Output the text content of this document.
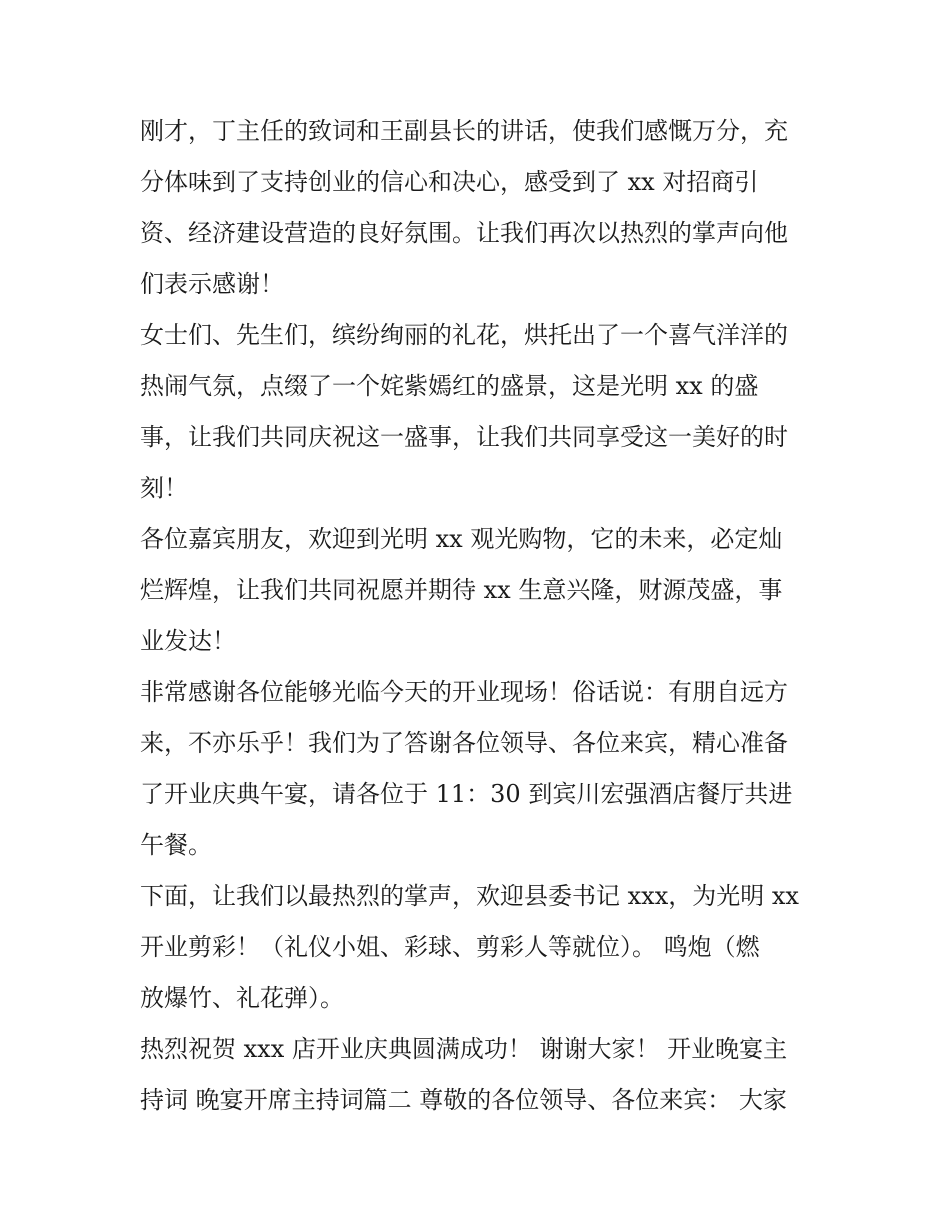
刚才，丁主任的致词和王副县长的讲话，使我们感慨万分，充
分体味到了支持创业的信心和决心，感受到了 xx 对招商引
资、经济建设营造的良好氛围。让我们再次以热烈的掌声向他
们表示感谢！
女士们、先生们，缤纷绚丽的礼花，烘托出了一个喜气洋洋的
热闹气氛，点缀了一个姹紫嫣红的盛景，这是光明 xx 的盛
事，让我们共同庆祝这一盛事，让我们共同享受这一美好的时
刻！
各位嘉宾朋友，欢迎到光明 xx 观光购物，它的未来，必定灿
烂辉煌，让我们共同祝愿并期待 xx 生意兴隆，财源茂盛，事
业发达！
非常感谢各位能够光临今天的开业现场！俗话说：有朋自远方
来，不亦乐乎！我们为了答谢各位领导、各位来宾，精心准备
了开业庆典午宴，请各位于 11：30 到宾川宏强酒店餐厅共进
午餐。
下面，让我们以最热烈的掌声，欢迎县委书记 xxx，为光明 xx
开业剪彩！（礼仪小姐、彩球、剪彩人等就位）。 鸣炮（燃
放爆竹、礼花弹）。
热烈祝贺 xxx 店开业庆典圆满成功！ 谢谢大家！ 开业晚宴主
持词 晚宴开席主持词篇二 尊敬的各位领导、各位来宾： 大家
